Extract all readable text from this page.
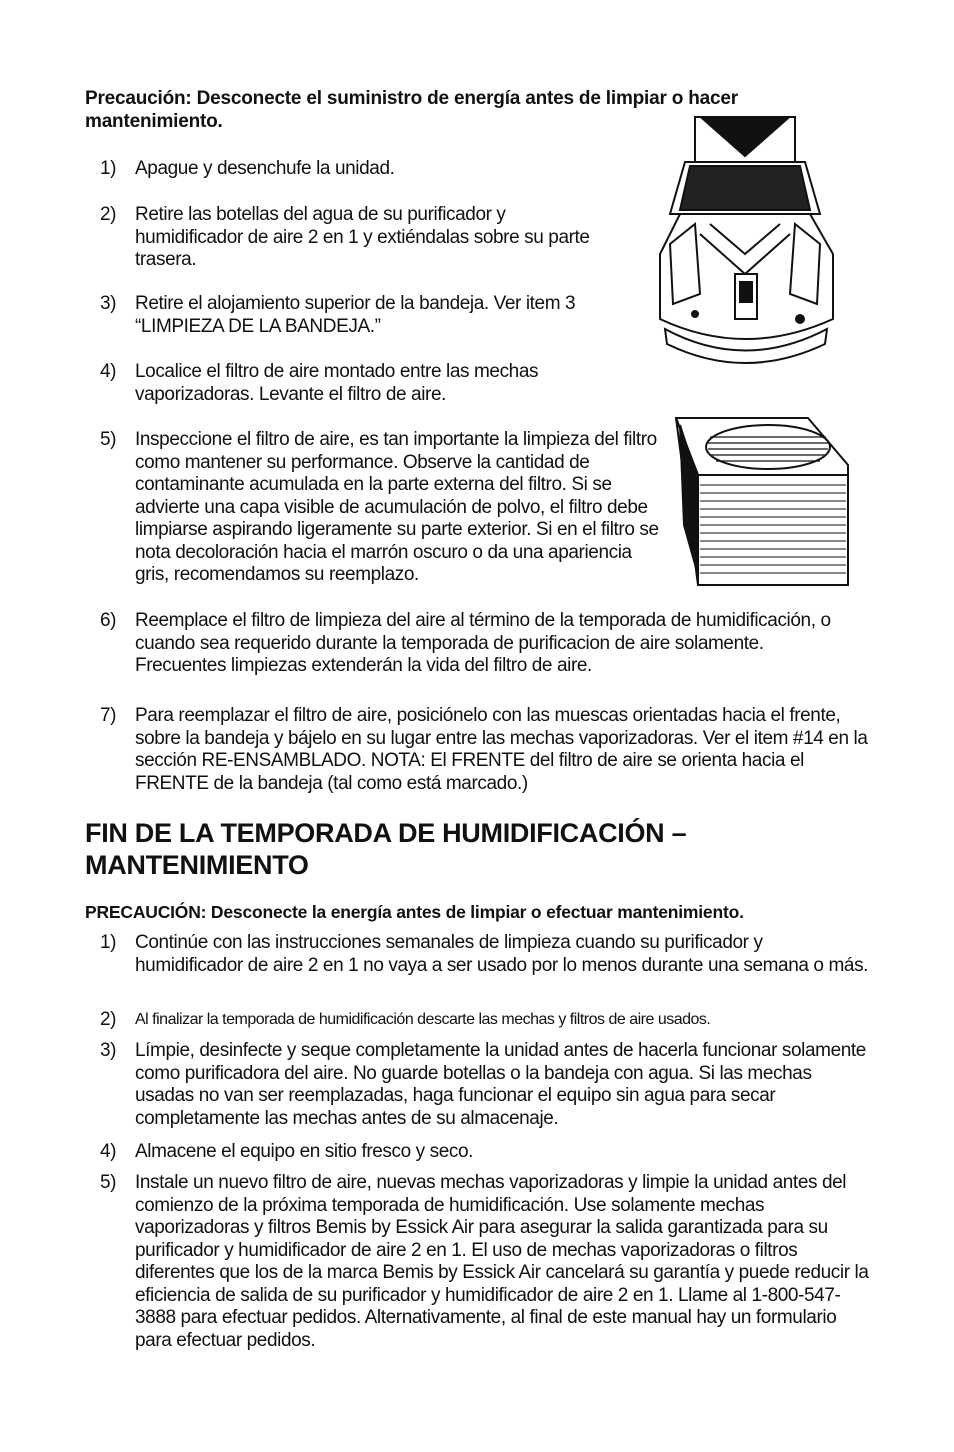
Precaución: Desconecte el suministro de energía antes de limpiar o hacer mantenimiento.
1) Apague y desenchufe la unidad.
2) Retire las botellas del agua de su purificador y humidificador de aire 2 en 1 y extiéndalas sobre su parte trasera.
3) Retire el alojamiento superior de la bandeja. Ver item 3 “LIMPIEZA DE LA BANDEJA.”
4) Localice el filtro de aire montado entre las mechas vaporizadoras. Levante el filtro de aire.
5) Inspeccione el filtro de aire, es tan importante la limpieza del filtro como mantener su performance. Observe la cantidad de contaminante acumulada en la parte externa del filtro. Si se advierte una capa visible de acumulación de polvo, el filtro debe limpiarse aspirando ligeramente su parte exterior. Si en el filtro se nota decoloración hacia el marrón oscuro o da una apariencia gris, recomendamos su reemplazo.
6) Reemplace el filtro de limpieza del aire al término de la temporada de humidificación, o cuando sea requerido durante la temporada de purificacion de aire solamente. Frecuentes limpiezas extenderán la vida del filtro de aire.
7) Para reemplazar el filtro de aire, posiciónelo con las muescas orientadas hacia el frente, sobre la bandeja y bájelo en su lugar entre las mechas vaporizadoras. Ver el item #14 en la sección RE-ENSAMBLADO. NOTA: El FRENTE del filtro de aire se orienta hacia el FRENTE de la bandeja (tal como está marcado.)
FIN DE LA TEMPORADA DE HUMIDIFICACIÓN – MANTENIMIENTO
PRECAUCIÓN: Desconecte la energía antes de limpiar o efectuar mantenimiento.
1) Continúe con las instrucciones semanales de limpieza cuando su purificador y humidificador de aire 2 en 1 no vaya a ser usado por lo menos durante una semana o más.
2)	Al finalizar la temporada de humidificación descarte las mechas y filtros de aire usados.
3) Límpie, desinfecte y seque completamente la unidad antes de hacerla funcionar solamente como purificadora del aire. No guarde botellas o la bandeja con agua. Si las mechas usadas no van ser reemplazadas, haga funcionar el equipo sin agua para secar completamente las mechas antes de su almacenaje.
4) Almacene el equipo en sitio fresco y seco.
5) Instale un nuevo filtro de aire, nuevas mechas vaporizadoras y limpie la unidad antes del comienzo de la próxima temporada de humidificación. Use solamente mechas vaporizadoras y filtros Bemis by Essick Air para asegurar la salida garantizada para su purificador y humidificador de aire 2 en 1. El uso de mechas vaporizadoras o filtros diferentes que los de la marca Bemis by Essick Air cancelará su garantía y puede reducir la eficiencia de salida de su purificador y humidificador de aire 2 en 1. Llame al 1-800-547-3888 para efectuar pedidos. Alternativamente, al final de este manual hay un formulario para efectuar pedidos.
